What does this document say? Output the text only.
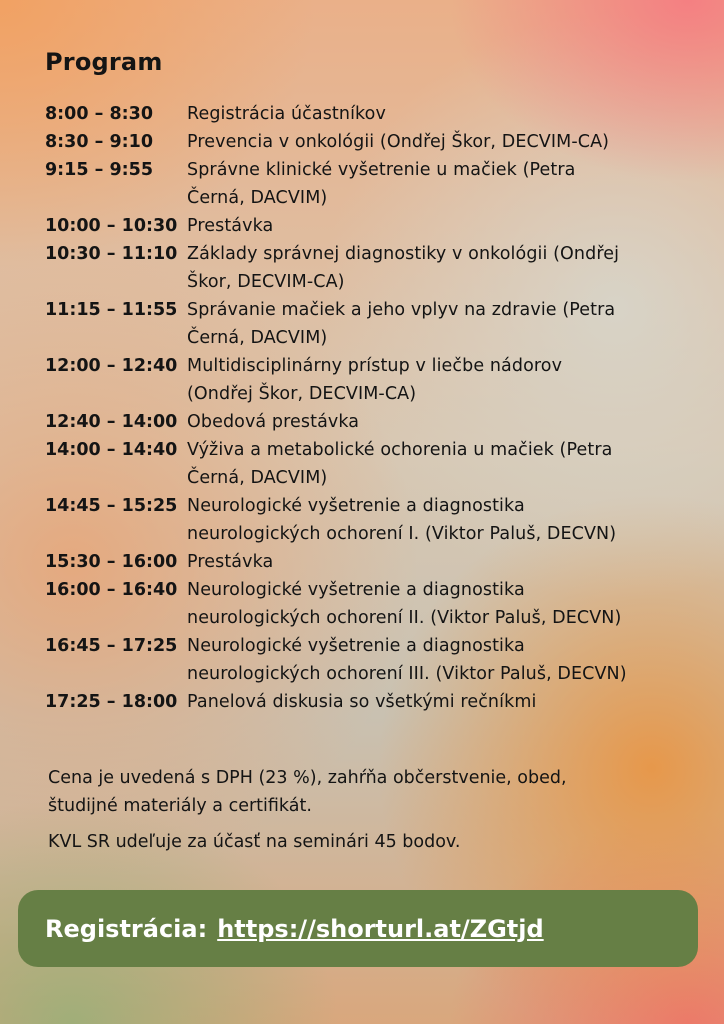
Program
8:00 – 8:30	Registrácia účastníkov
8:30 – 9:10	Prevencia v onkológii (Ondřej Škor, DECVIM-CA)
9:15 – 9:55	Správne klinické vyšetrenie u mačiek (Petra
Černá, DACVIM)
10:00 – 10:30 Prestávka
10:30 – 11:10 Základy správnej diagnostiky v onkológii (Ondřej
Škor, DECVIM-CA)
11:15 – 11:55 Správanie mačiek a jeho vplyv na zdravie (Petra
Černá, DACVIM)
12:00 – 12:40 Multidisciplinárny prístup v liečbe nádorov
(Ondřej Škor, DECVIM-CA)
12:40 – 14:00 Obedová prestávka
14:00 – 14:40 Výživa a metabolické ochorenia u mačiek (Petra
Černá, DACVIM)
14:45 – 15:25 Neurologické vyšetrenie a diagnostika
neurologických ochorení I. (Viktor Paluš, DECVN)
15:30 – 16:00 Prestávka
16:00 – 16:40 Neurologické vyšetrenie a diagnostika
neurologických ochorení II. (Viktor Paluš, DECVN)
16:45 – 17:25 Neurologické vyšetrenie a diagnostika
neurologických ochorení III. (Viktor Paluš, DECVN)
17:25 – 18:00 Panelová diskusia so všetkými rečníkmi

Cena je uvedená s DPH (23 %), zahŕňa občerstvenie, obed,
študijné materiály a certifikát.

KVL SR udeľuje za účasť na seminári 45 bodov.

Registrácia: https://shorturl.at/ZGtjd
